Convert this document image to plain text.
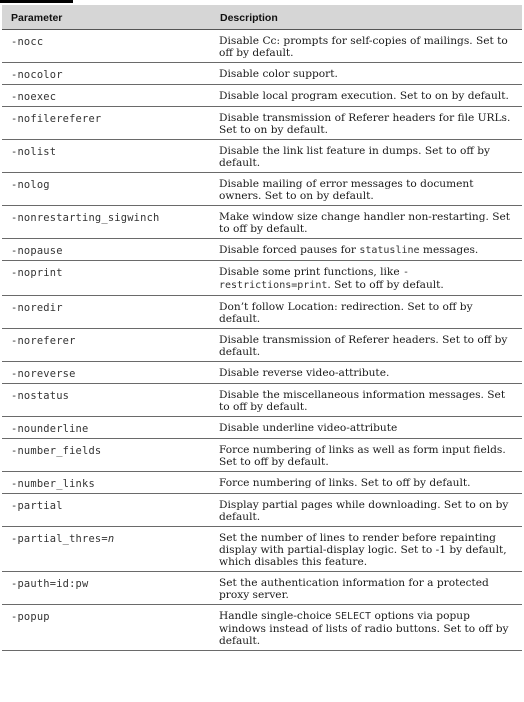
Parameter	Description
-nocc	Disable Cc: prompts for self-copies of mailings. Set to off by default.
-nocolor	Disable color support.
-noexec	Disable local program execution. Set to on by default.
-nofilereferer	Disable transmission of Referer headers for file URLs. Set to on by default.
-nolist	Disable the link list feature in dumps. Set to off by default.
-nolog	Disable mailing of error messages to document owners. Set to on by default.
-nonrestarting_sigwinch	Make window size change handler non-restarting. Set to off by default.
-nopause	Disable forced pauses for statusline messages.
-noprint	Disable some print functions, like -restrictions=print. Set to off by default.
-noredir	Don’t follow Location: redirection. Set to off by default.
-noreferer	Disable transmission of Referer headers. Set to off by default.
-noreverse	Disable reverse video-attribute.
-nostatus	Disable the miscellaneous information messages. Set to off by default.
-nounderline	Disable underline video-attribute
-number_fields	Force numbering of links as well as form input fields. Set to off by default.
-number_links	Force numbering of links. Set to off by default.
-partial	Display partial pages while downloading. Set to on by default.
-partial_thres=n	Set the number of lines to render before repainting display with partial-display logic. Set to -1 by default, which disables this feature.
-pauth=id:pw	Set the authentication information for a protected proxy server.
-popup	Handle single-choice SELECT options via popup windows instead of lists of radio buttons. Set to off by default.
